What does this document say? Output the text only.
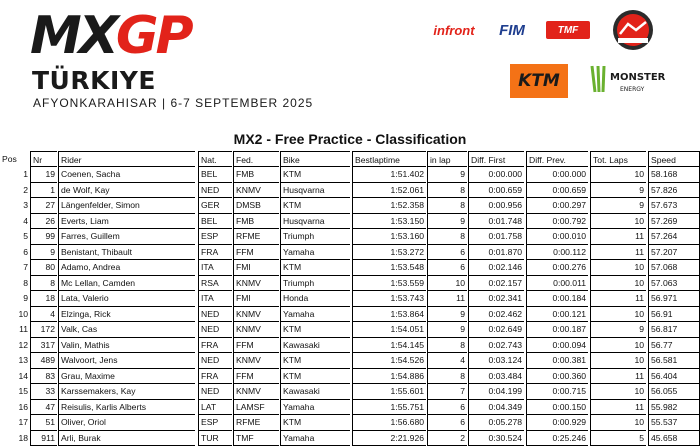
MXGP
TÜRKIYE
AFYONKARAHISAR | 6-7 SEPTEMBER 2025
infront	FIM	TMF
KTM	MONSTER
ENERGY
MX2 - Free Practice - Classification
Pos	Nr	Rider	Nat.	Fed.	Bike	Bestlaptime	in lap	Diff. First	Diff. Prev.	Tot. Laps	Speed
1	19 Coenen, Sacha	BEL	FMB	KTM	1:51.402	9	0:00.000	0:00.000	10 58.168
2	1 de Wolf, Kay	NED	KNMV	Husqvarna	1:52.061	8	0:00.659	0:00.659	9 57.826
3	27 Längenfelder, Simon	GER	DMSB	KTM	1:52.358	8	0:00.956	0:00.297	9 57.673
4	26 Everts, Liam	BEL	FMB	Husqvarna	1:53.150	9	0:01.748	0:00.792	10 57.269
5	99 Farres, Guillem	ESP	RFME	Triumph	1:53.160	8	0:01.758	0:00.010	11 57.264
6	9 Benistant, Thibault	FRA	FFM	Yamaha	1:53.272	6	0:01.870	0:00.112	11 57.207
7	80 Adamo, Andrea	ITA	FMI	KTM	1:53.548	6	0:02.146	0:00.276	10 57.068
8	8 Mc Lellan, Camden	RSA	KNMV	Triumph	1:53.559	10	0:02.157	0:00.011	10 57.063
9	18 Lata, Valerio	ITA	FMI	Honda	1:53.743	11	0:02.341	0:00.184	11 56.971
10	4 Elzinga, Rick	NED	KNMV	Yamaha	1:53.864	9	0:02.462	0:00.121	10 56.91
11	172 Valk, Cas	NED	KNMV	KTM	1:54.051	9	0:02.649	0:00.187	9 56.817
12	317 Valin, Mathis	FRA	FFM	Kawasaki	1:54.145	8	0:02.743	0:00.094	10 56.77
13	489 Walvoort, Jens	NED	KNMV	KTM	1:54.526	4	0:03.124	0:00.381	10 56.581
14	83 Grau, Maxime	FRA	FFM	KTM	1:54.886	8	0:03.484	0:00.360	11 56.404
15	33 Karssemakers, Kay	NED	KNMV	Kawasaki	1:55.601	7	0:04.199	0:00.715	10 56.055
16	47 Reisulis, Karlis Alberts	LAT	LAMSF	Yamaha	1:55.751	6	0:04.349	0:00.150	11 55.982
17	51 Oliver, Oriol	ESP	RFME	KTM	1:56.680	6	0:05.278	0:00.929	10 55.537
18	911 Arli, Burak	TUR	TMF	Yamaha	2:21.926	2	0:30.524	0:25.246	5 45.658
